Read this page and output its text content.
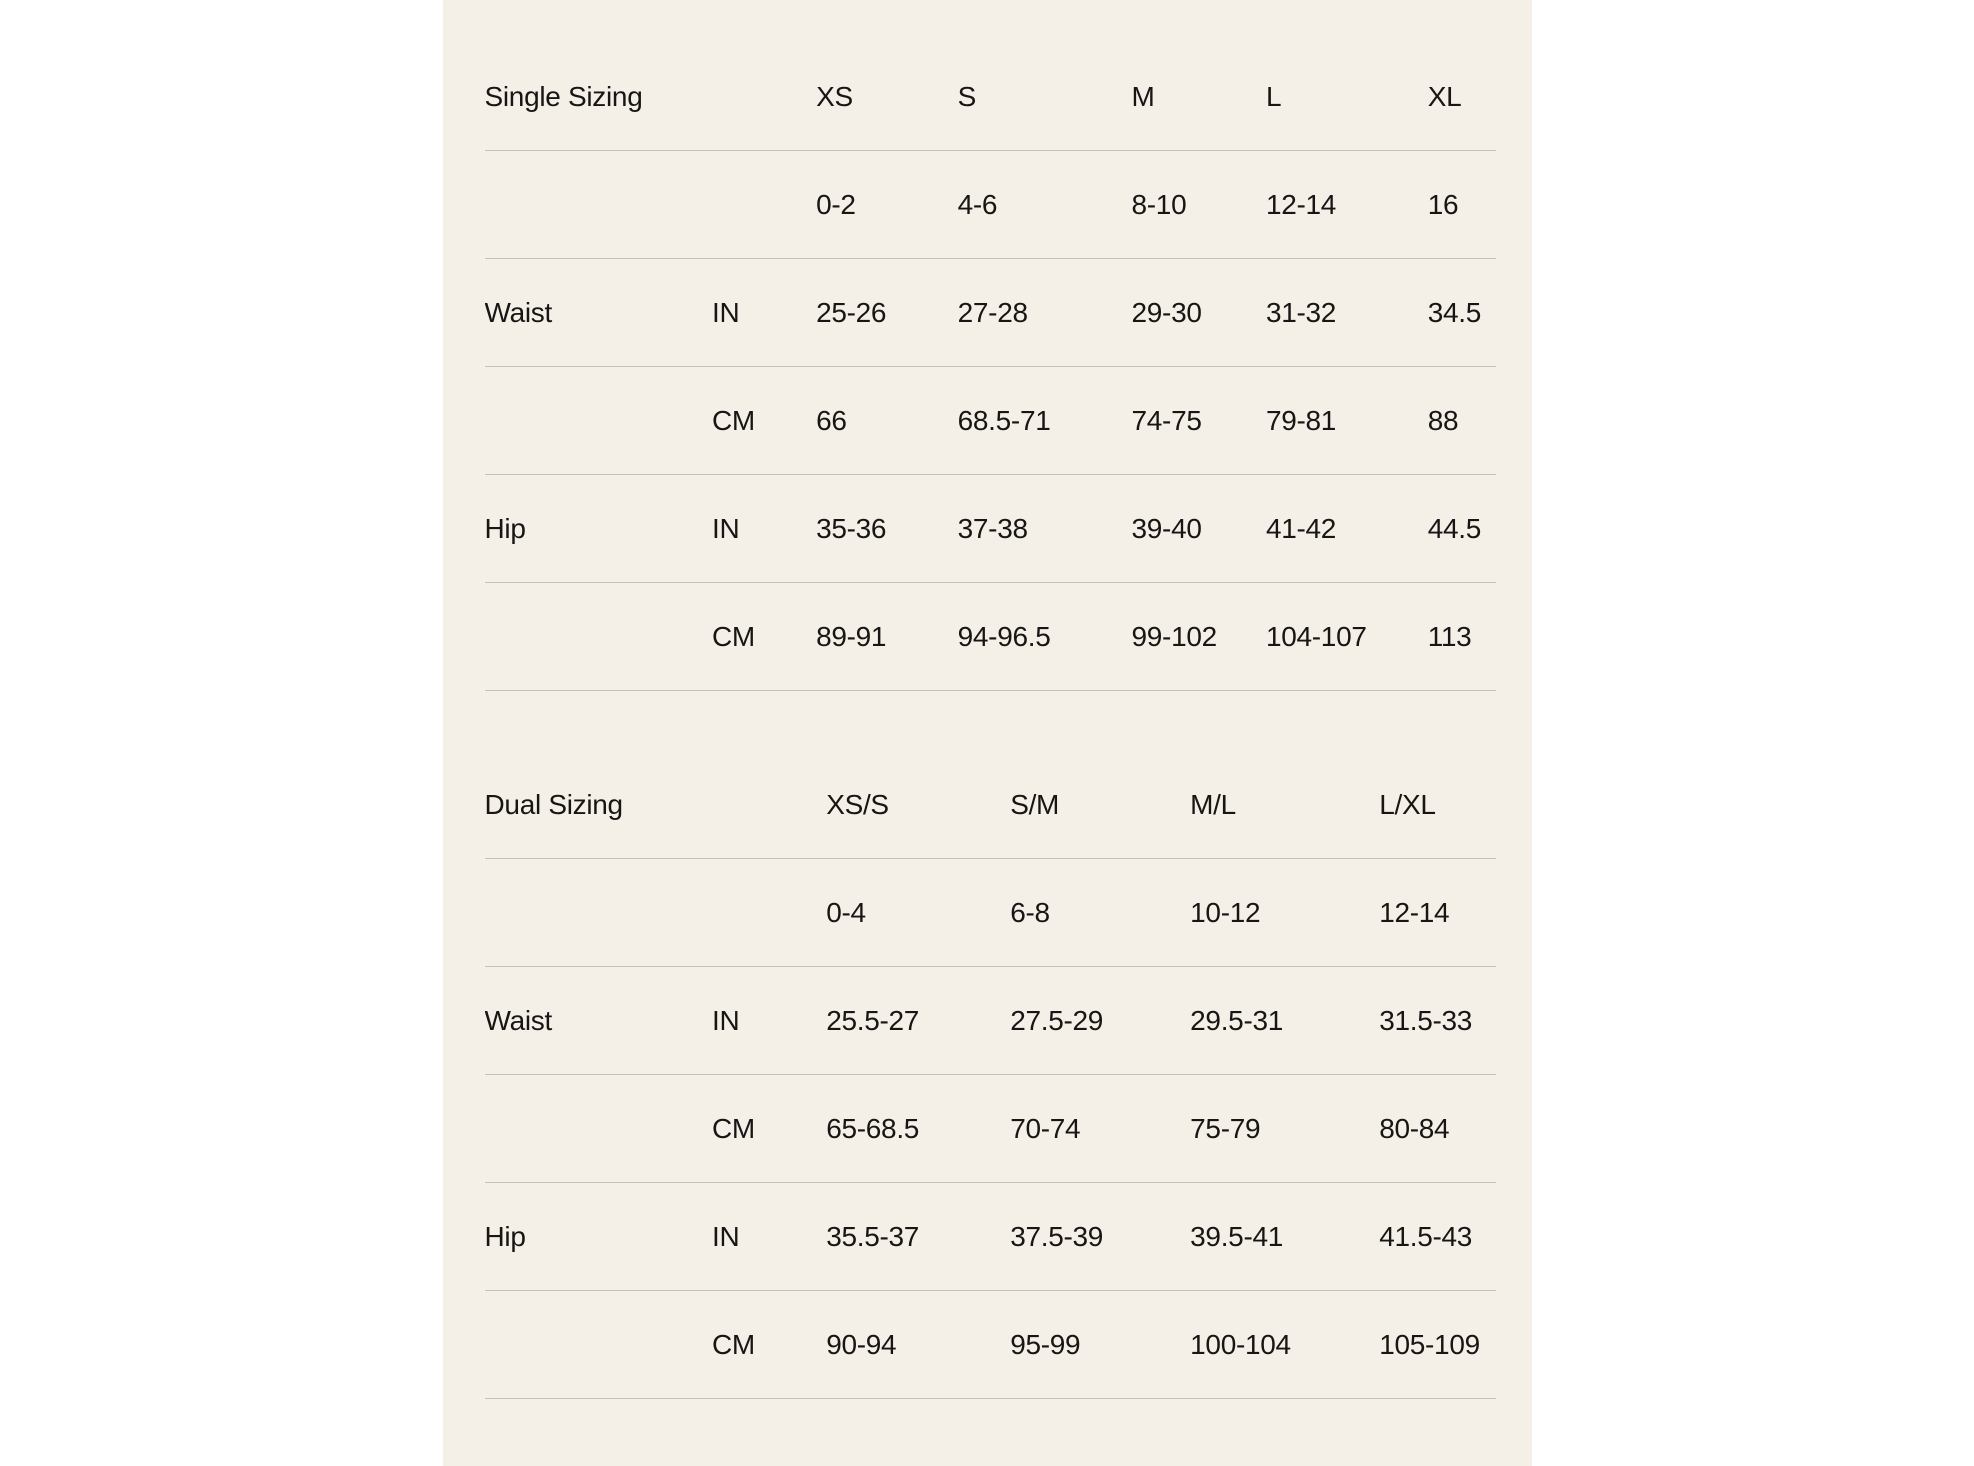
Single Sizing		XS	S	M	L	XL
		0-2	4-6	8-10	12-14	16
Waist	IN	25-26	27-28	29-30	31-32	34.5
	CM	66	68.5-71	74-75	79-81	88
Hip	IN	35-36	37-38	39-40	41-42	44.5
	CM	89-91	94-96.5	99-102	104-107	113
Dual Sizing		XS/S	S/M	M/L	L/XL
		0-4	6-8	10-12	12-14
Waist	IN	25.5-27	27.5-29	29.5-31	31.5-33
	CM	65-68.5	70-74	75-79	80-84
Hip	IN	35.5-37	37.5-39	39.5-41	41.5-43
	CM	90-94	95-99	100-104	105-109
